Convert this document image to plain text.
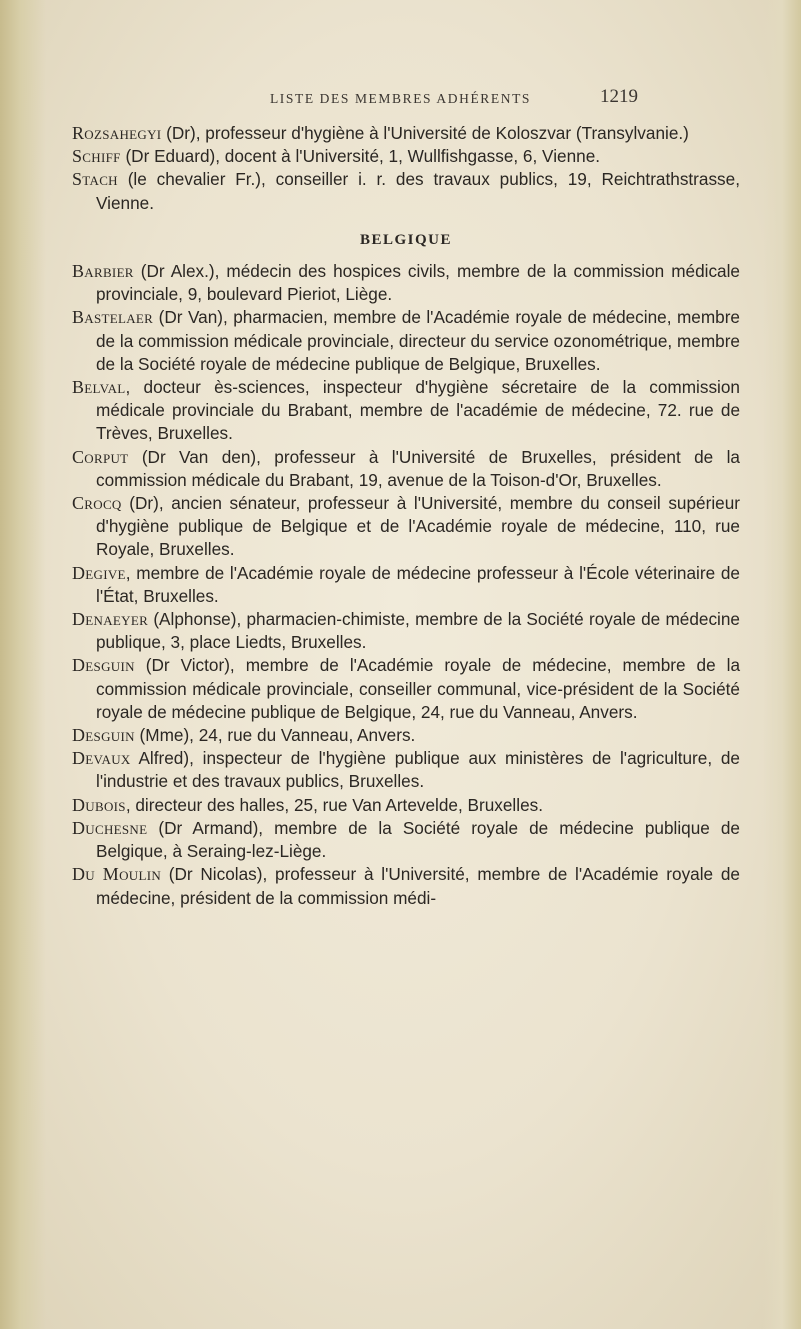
LISTE DES MEMBRES ADHÉRENTS	1219

Rozsahegyi (Dr), professeur d'hygiène à l'Université de Koloszvar (Transylvanie.)

Schiff (Dr Eduard), docent à l'Université, 1, Wullfishgasse, 6, Vienne.

Stach (le chevalier Fr.), conseiller i. r. des travaux publics, 19, Reichtrathstrasse, Vienne.

BELGIQUE

Barbier (Dr Alex.), médecin des hospices civils, membre de la commission médicale provinciale, 9, boulevard Pieriot, Liège.

Bastelaer (Dr Van), pharmacien, membre de l'Académie royale de médecine, membre de la commission médicale provinciale, directeur du service ozonométrique, membre de la Société royale de médecine publique de Belgique, Bruxelles.

Belval, docteur ès-sciences, inspecteur d'hygiène sécretaire de la commission médicale provinciale du Brabant, membre de l'académie de médecine, 72. rue de Trèves, Bruxelles.

Corput (Dr Van den), professeur à l'Université de Bruxelles, président de la commission médicale du Brabant, 19, avenue de la Toison-d'Or, Bruxelles.

Crocq (Dr), ancien sénateur, professeur à l'Université, membre du conseil supérieur d'hygiène publique de Belgique et de l'Académie royale de médecine, 110, rue Royale, Bruxelles.

Degive, membre de l'Académie royale de médecine professeur à l'École véterinaire de l'État, Bruxelles.

Denaeyer (Alphonse), pharmacien-chimiste, membre de la Société royale de médecine publique, 3, place Liedts, Bruxelles.

Desguin (Dr Victor), membre de l'Académie royale de médecine, membre de la commission médicale provinciale, conseiller communal, vice-président de la Société royale de médecine publique de Belgique, 24, rue du Vanneau, Anvers.

Desguin (Mme), 24, rue du Vanneau, Anvers.

Devaux Alfred), inspecteur de l'hygiène publique aux ministères de l'agriculture, de l'industrie et des travaux publics, Bruxelles.

Dubois, directeur des halles, 25, rue Van Artevelde, Bruxelles.

Duchesne (Dr Armand), membre de la Société royale de médecine publique de Belgique, à Seraing-lez-Liège.

Du Moulin (Dr Nicolas), professeur à l'Université, membre de l'Académie royale de médecine, président de la commission médi-
